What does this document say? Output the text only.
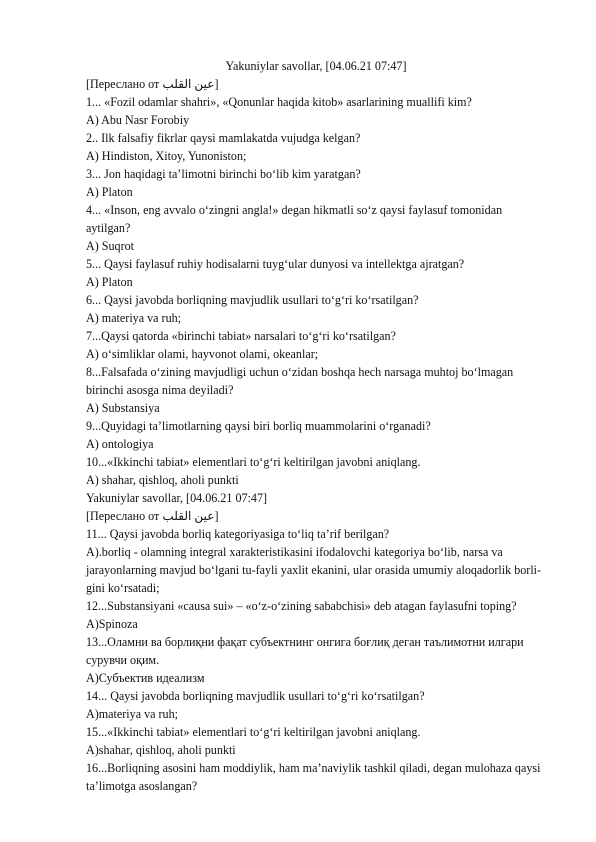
Yakuniylar savollar, [04.06.21 07:47]
[Переслано от عين القلب]
1... «Fozil odamlar shahri», «Qonunlar haqida kitob» asarlarining muallifi kim?
A) Abu Nasr Forobiy
2.. Ilk falsafiy fikrlar qaysi mamlakatda vujudga kelgan?
A) Hindiston, Xitoy, Yunoniston;
3... Jon haqidagi ta’limotni birinchi bo‘lib kim yaratgan?
A) Platon
4... «Inson, eng avvalo o‘zingni angla!» degan hikmatli so‘z qaysi faylasuf tomonidan aytilgan?
A) Suqrot
5... Qaysi faylasuf ruhiy hodisalarni tuyg‘ular dunyosi va intellektga ajratgan?
A) Platon
6... Qaysi javobda borliqning mavjudlik usullari to‘g‘ri ko‘rsatilgan?
A) materiya va ruh;
7...Qaysi qatorda «birinchi tabiat» narsalari to‘g‘ri ko‘rsatilgan?
A) o‘simliklar olami, hayvonot olami, okeanlar;
8...Falsafada o‘zining mavjudligi uchun o‘zidan boshqa hech narsaga muhtoj bo‘lmagan birinchi asosga nima deyiladi?
A) Substansiya
9...Quyidagi ta’limotlarning qaysi biri borliq muammolarini o‘rganadi?
A) ontologiya
10...«Ikkinchi tabiat» elementlari to‘g‘ri keltirilgan javobni aniqlang.
A) shahar, qishloq, aholi punkti
Yakuniylar savollar, [04.06.21 07:47]
[Переслано от عين القلب]
11... Qaysi javobda borliq kategoriyasiga to‘liq ta’rif berilgan?
A).borliq - olamning integral xarakteristikasini ifodalovchi kategoriya bo‘lib, narsa va jarayonlarning mavjud bo‘lgani tu-fayli yaxlit ekanini, ular orasida umumiy aloqadorlik borli-gini ko‘rsatadi;
12...Substansiyani «causa sui» – «o‘z-o‘zining sababchisi» deb atagan faylasufni toping?
A)Spinoza
13...Оламни ва борлиқни фақат субъектнинг онгига боғлиқ деган таълимотни илгари сурувчи оқим.
А)Субъектив идеализм
14... Qaysi javobda borliqning mavjudlik usullari to‘g‘ri ko‘rsatilgan?
A)materiya va ruh;
15...«Ikkinchi tabiat» elementlari to‘g‘ri keltirilgan javobni aniqlang.
A)shahar, qishloq, aholi punkti
16...Borliqning asosini ham moddiylik, ham ma’naviylik tashkil qiladi, degan mulohaza qaysi ta’limotga asoslangan?
